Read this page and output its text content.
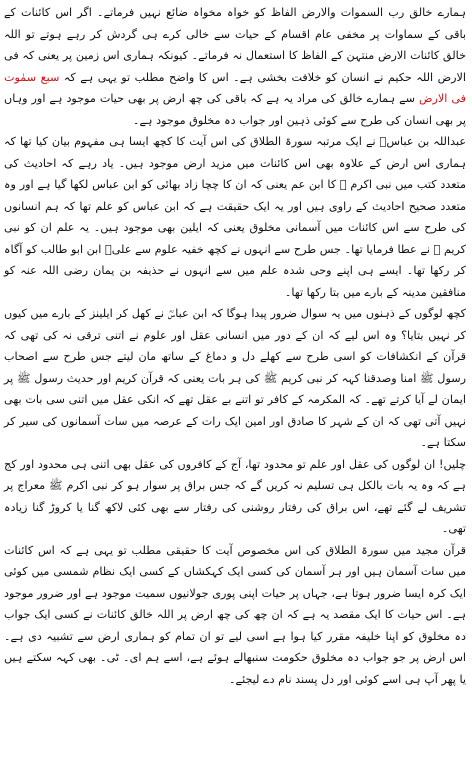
ہمارے خالق رب السموات والارض الفاظ کو خواہ مخواہ ضائع نہیں فرماتے۔ اگر اس کائنات کے باقی کے سماوات پر مخفی عام اقسام کے حیات سے خالی کرے ہی گردش کر رہے ہوتے تو اللہ خالق کائنات الارض منتہن کے الفاظ کا استعمال نہ فرماتے۔ کیونکہ ہماری اس زمین پر یعنی کہ فی الارض اللہ حکیم نے انسان کو خلافت بخشی ہے۔ اس کا واضح مطلب تو یہی ہے کہ سبع سمٰوت فی الارض سے ہمارے خالق کی مراد یہ ہے کہ باقی کی چھ ارض پر بھی حیات موجود ہے اور وہاں پر بھی انسان کی طرح سے کوئی ذہین اور جواب دہ مخلوق موجود ہے۔

عبداللہ بن عباسؓ نے ایک مرتبہ سورۃ الطلاق کی اس آیت کا کچھ ایسا ہی مفہوم بیان کیا تھا کہ ہماری اس ارض کے علاوہ بھی اس کائنات میں مزید ارض موجود ہیں۔ یاد رہے کہ احادیث کی متعدد کتب میں نبی اکرم ﷺ کا ابن عم یعنی کہ ان کا چچا زاد بھائی کو ابن عباس لکھا گیا ہے اور وہ متعدد صحیح احادیث کے راوی ہیں اور یہ ایک حقیقت ہے کہ ابن عباس کو علم تھا کہ ہم انسانوں کی طرح سے اس کائنات میں آسمانی مخلوق یعنی کہ ایلین بھی موجود ہیں۔ یہ علم ان کو نبی کریم ﷺ نے عطا فرمایا تھا۔ جس طرح سے انہوں نے کچھ خفیہ علوم سے علیؓ ابن ابو طالب کو آگاہ کر رکھا تھا۔ ایسے ہی اپنے وحی شدہ علم میں سے انہوں نے حذیفہ بن یمان رضی اللہ عنہ کو منافقین مدینہ کے بارے میں بتا رکھا تھا۔

کچھ لوگوں کے ذہنوں میں یہ سوال ضرور پیدا ہوگا کہ ابن عباسؓ نے کھل کر ایلینز کے بارے میں کیوں کر نہیں بتایا؟ وہ اس لیے کہ ان کے دور میں انسانی عقل اور علوم نے اتنی ترقی نہ کی تھی کہ قرآن کے انکشافات کو اسی طرح سے کھلے دل و دماغ کے ساتھ مان لیتے جس طرح سے اصحاب رسول ﷺ امنا وصدقنا کہہ کر نبی کریم ﷺ کی ہر بات یعنی کہ قرآن کریم اور حدیث رسول ﷺ پر ایمان لے آیا کرتے تھے۔ کہ المکرمہ کے کافر تو اتنے بے عقل تھے کہ انکی عقل میں اتنی سی بات بھی نہیں آتی تھی کہ ان کے شہر کا صادق اور امین ایک رات کے عرصہ میں سات آسمانوں کی سیر کر سکتا ہے۔

چلیں! ان لوگوں کی عقل اور علم تو محدود تھا، آج کے کافروں کی عقل بھی اتنی ہی محدود اور کج ہے کہ وہ یہ بات بالکل ہی تسلیم نہ کریں گے کہ جس براق پر سوار ہو کر نبی اکرم ﷺ معراج پر تشریف لے گئے تھے، اس براق کی رفتار روشنی کی رفتار سے بھی کئی لاکھ گنا یا کروڑ گنا زیادہ تھی۔

قرآن مجید میں سورۃ الطلاق کی اس مخصوص آیت کا حقیقی مطلب تو یہی ہے کہ اس کائنات میں سات آسمان ہیں اور ہر آسمان کی کسی ایک کہکشاں کے کسی ایک نظام شمسی میں کوئی ایک کرہ ایسا ضرور ہوتا ہے، جہاں پر حیات اپنی پوری جولانیوں سمیت موجود ہے اور ضرور موجود ہے۔ اس حیات کا ایک مقصد یہ ہے کہ ان چھ کی چھ ارض پر اللہ خالق کائنات نے کسی ایک جواب دہ مخلوق کو اپنا خلیفہ مقرر کیا ہوا ہے اسی لیے تو ان تمام کو ہماری ارض سے تشبیہ دی ہے۔ اس ارض پر جو جواب دہ مخلوق حکومت سنبھالے ہوئے ہے، اسے ہم ای۔ ٹی۔ بھی کہہ سکتے ہیں یا پھر آپ ہی اسے کوئی اور دل پسند نام دے لیجئے۔
